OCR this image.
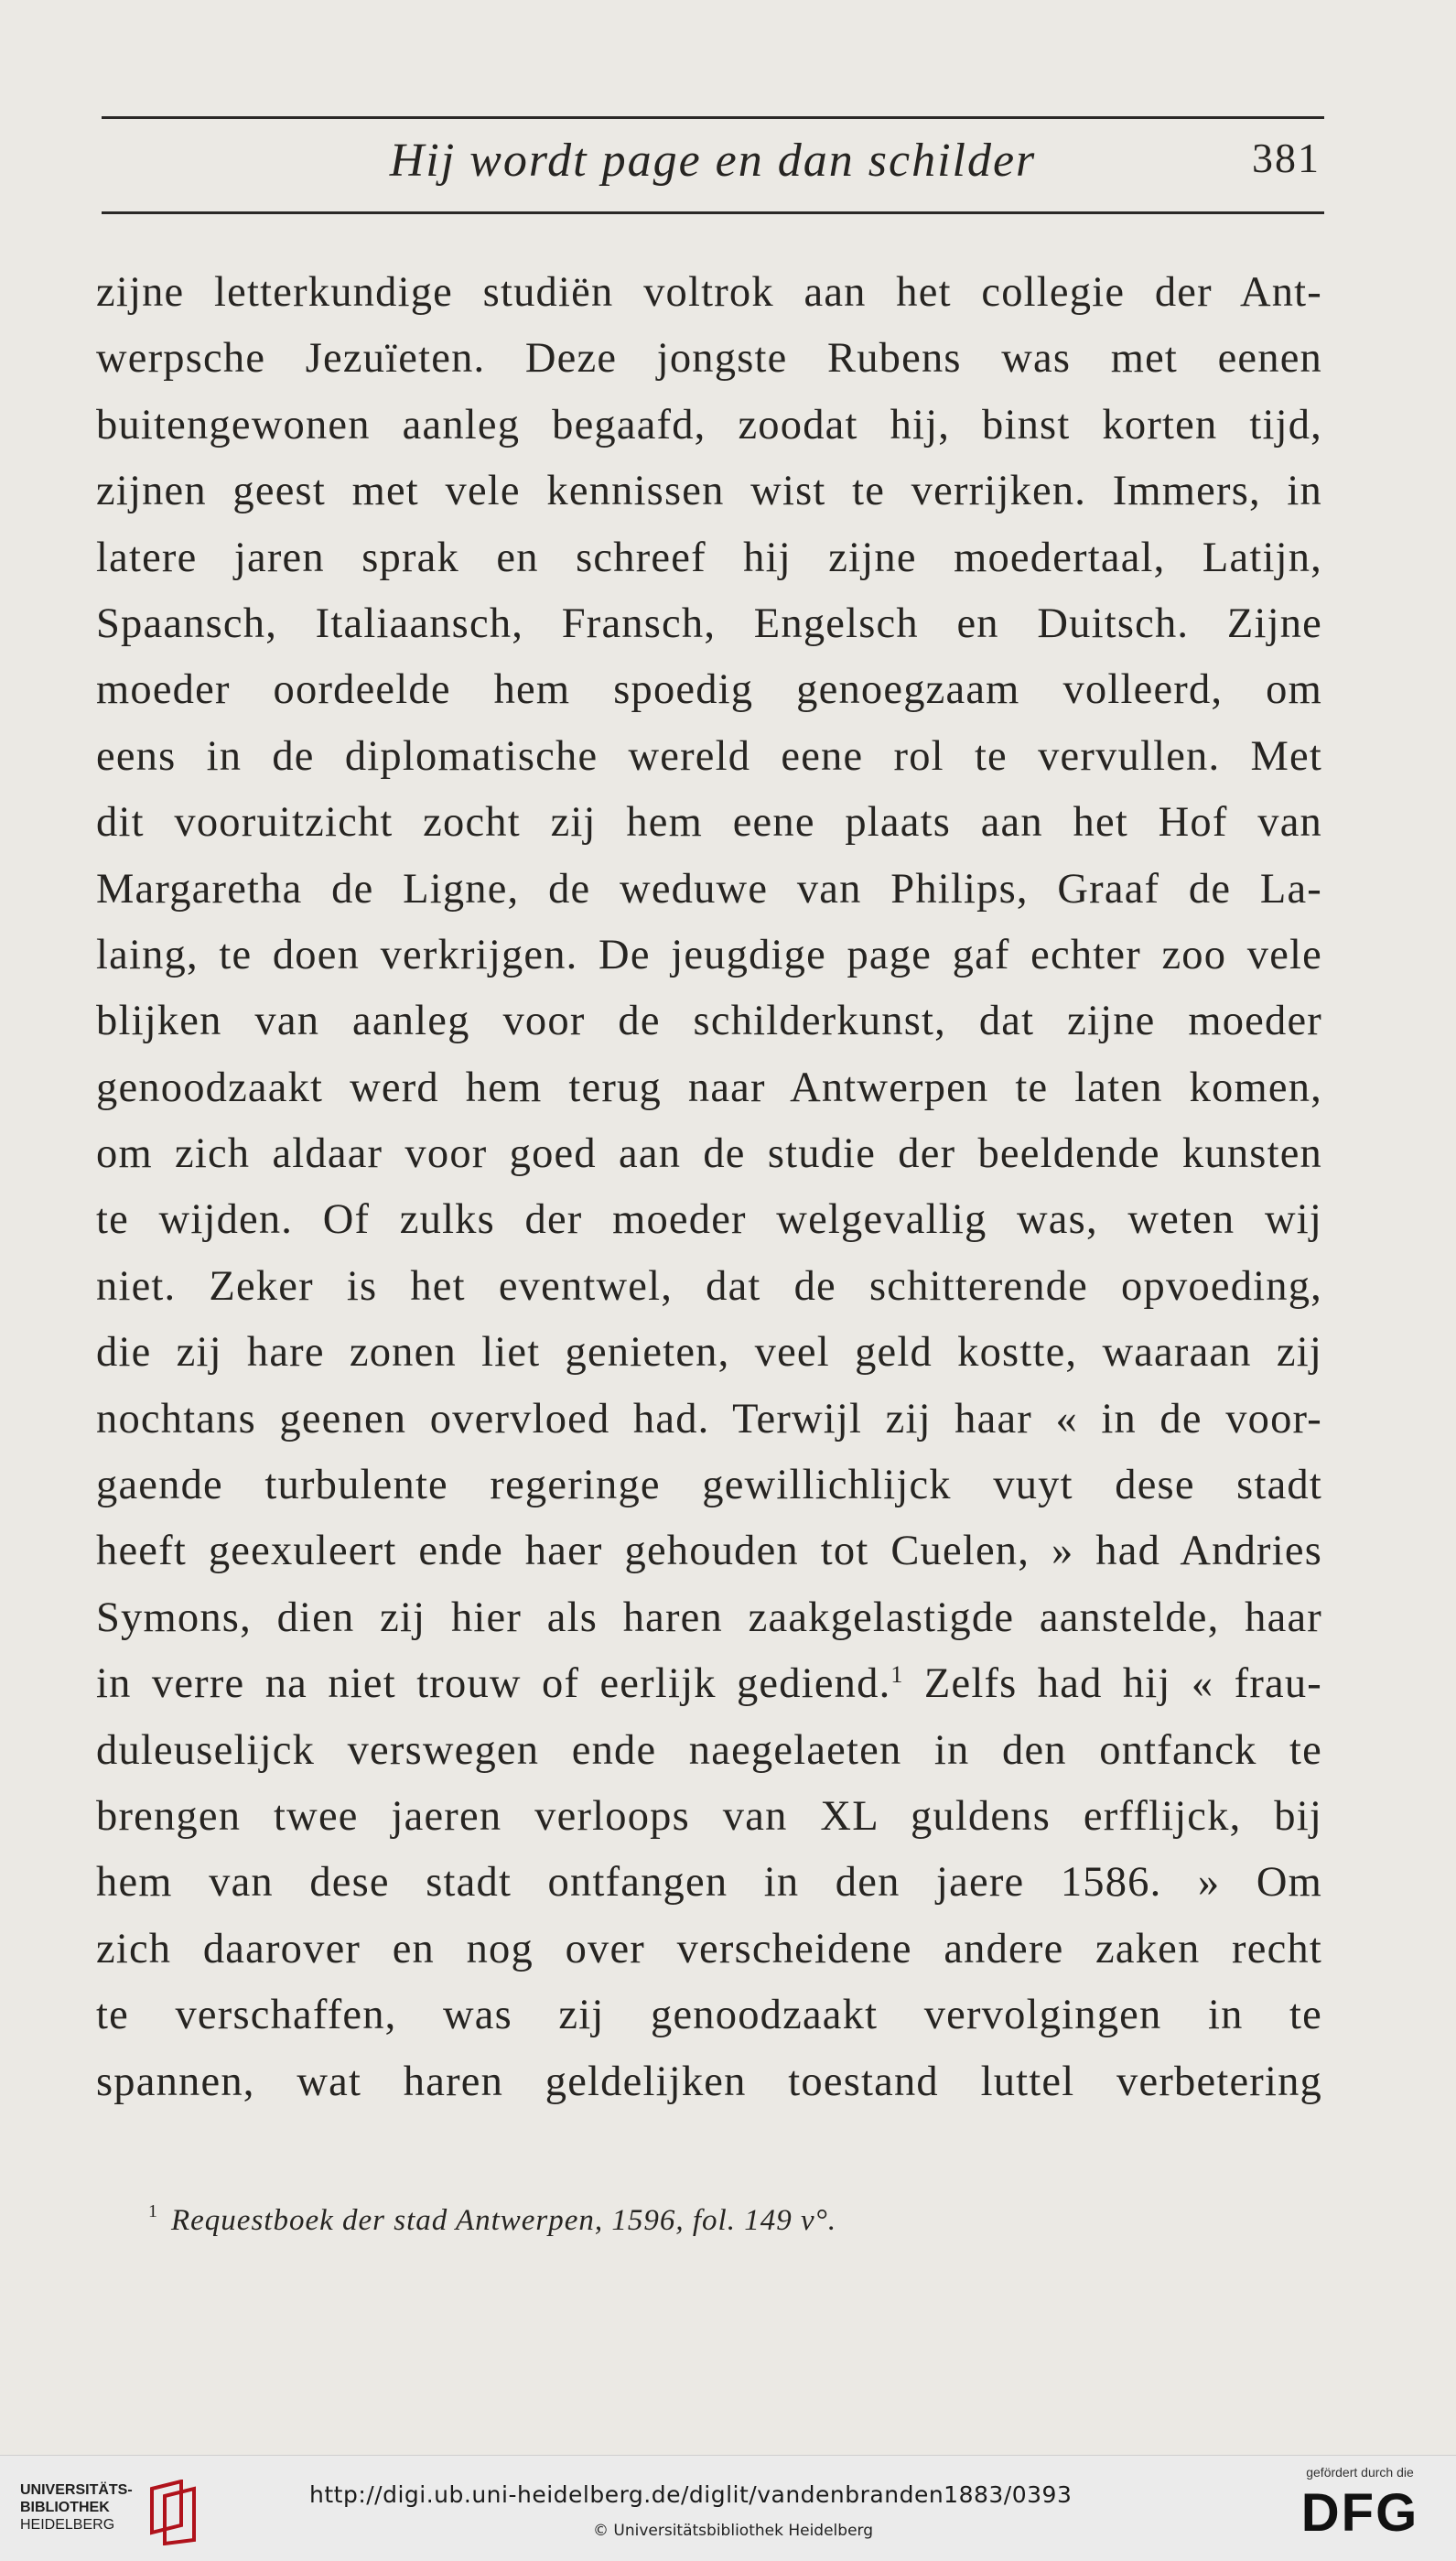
Hij wordt page en dan schilder	381
zijne letterkundige studiën voltrok aan het collegie der Ant-
werpsche Jezuïeten. Deze jongste Rubens was met eenen
buitengewonen aanleg begaafd, zoodat hij, binst korten tijd,
zijnen geest met vele kennissen wist te verrijken. Immers, in
latere jaren sprak en schreef hij zijne moedertaal, Latijn,
Spaansch, Italiaansch, Fransch, Engelsch en Duitsch. Zijne
moeder oordeelde hem spoedig genoegzaam volleerd, om
eens in de diplomatische wereld eene rol te vervullen. Met
dit vooruitzicht zocht zij hem eene plaats aan het Hof van
Margaretha de Ligne, de weduwe van Philips, Graaf de La-
laing, te doen verkrijgen. De jeugdige page gaf echter zoo vele
blijken van aanleg voor de schilderkunst, dat zijne moeder
genoodzaakt werd hem terug naar Antwerpen te laten komen,
om zich aldaar voor goed aan de studie der beeldende kunsten
te wijden. Of zulks der moeder welgevallig was, weten wij
niet. Zeker is het eventwel, dat de schitterende opvoeding,
die zij hare zonen liet genieten, veel geld kostte, waaraan zij
nochtans geenen overvloed had. Terwijl zij haar « in de voor-
gaende turbulente regeringe gewillichlijck vuyt dese stadt
heeft geexuleert ende haer gehouden tot Cuelen, » had Andries
Symons, dien zij hier als haren zaakgelastigde aanstelde, haar
in verre na niet trouw of eerlijk gediend.$^1$ Zelfs had hij « frau-
duleuselijck verswegen ende naegelaeten in den ontfanck te
brengen twee jaeren verloops van XL guldens erfflijck, bij
hem van dese stadt ontfangen in den jaere 1586. » Om
zich daarover en nog over verscheidene andere zaken recht
te verschaffen, was zij genoodzaakt vervolgingen in te
spannen, wat haren geldelijken toestand luttel verbetering
$^1$ Requestboek der stad Antwerpen, 1596, fol. 149 v°.
UNIVERSITÄTS-
BIBLIOTHEK
HEIDELBERG
http://digi.ub.uni-heidelberg.de/diglit/vandenbranden1883/0393
© Universitätsbibliothek Heidelberg
gefördert durch die
DFG
